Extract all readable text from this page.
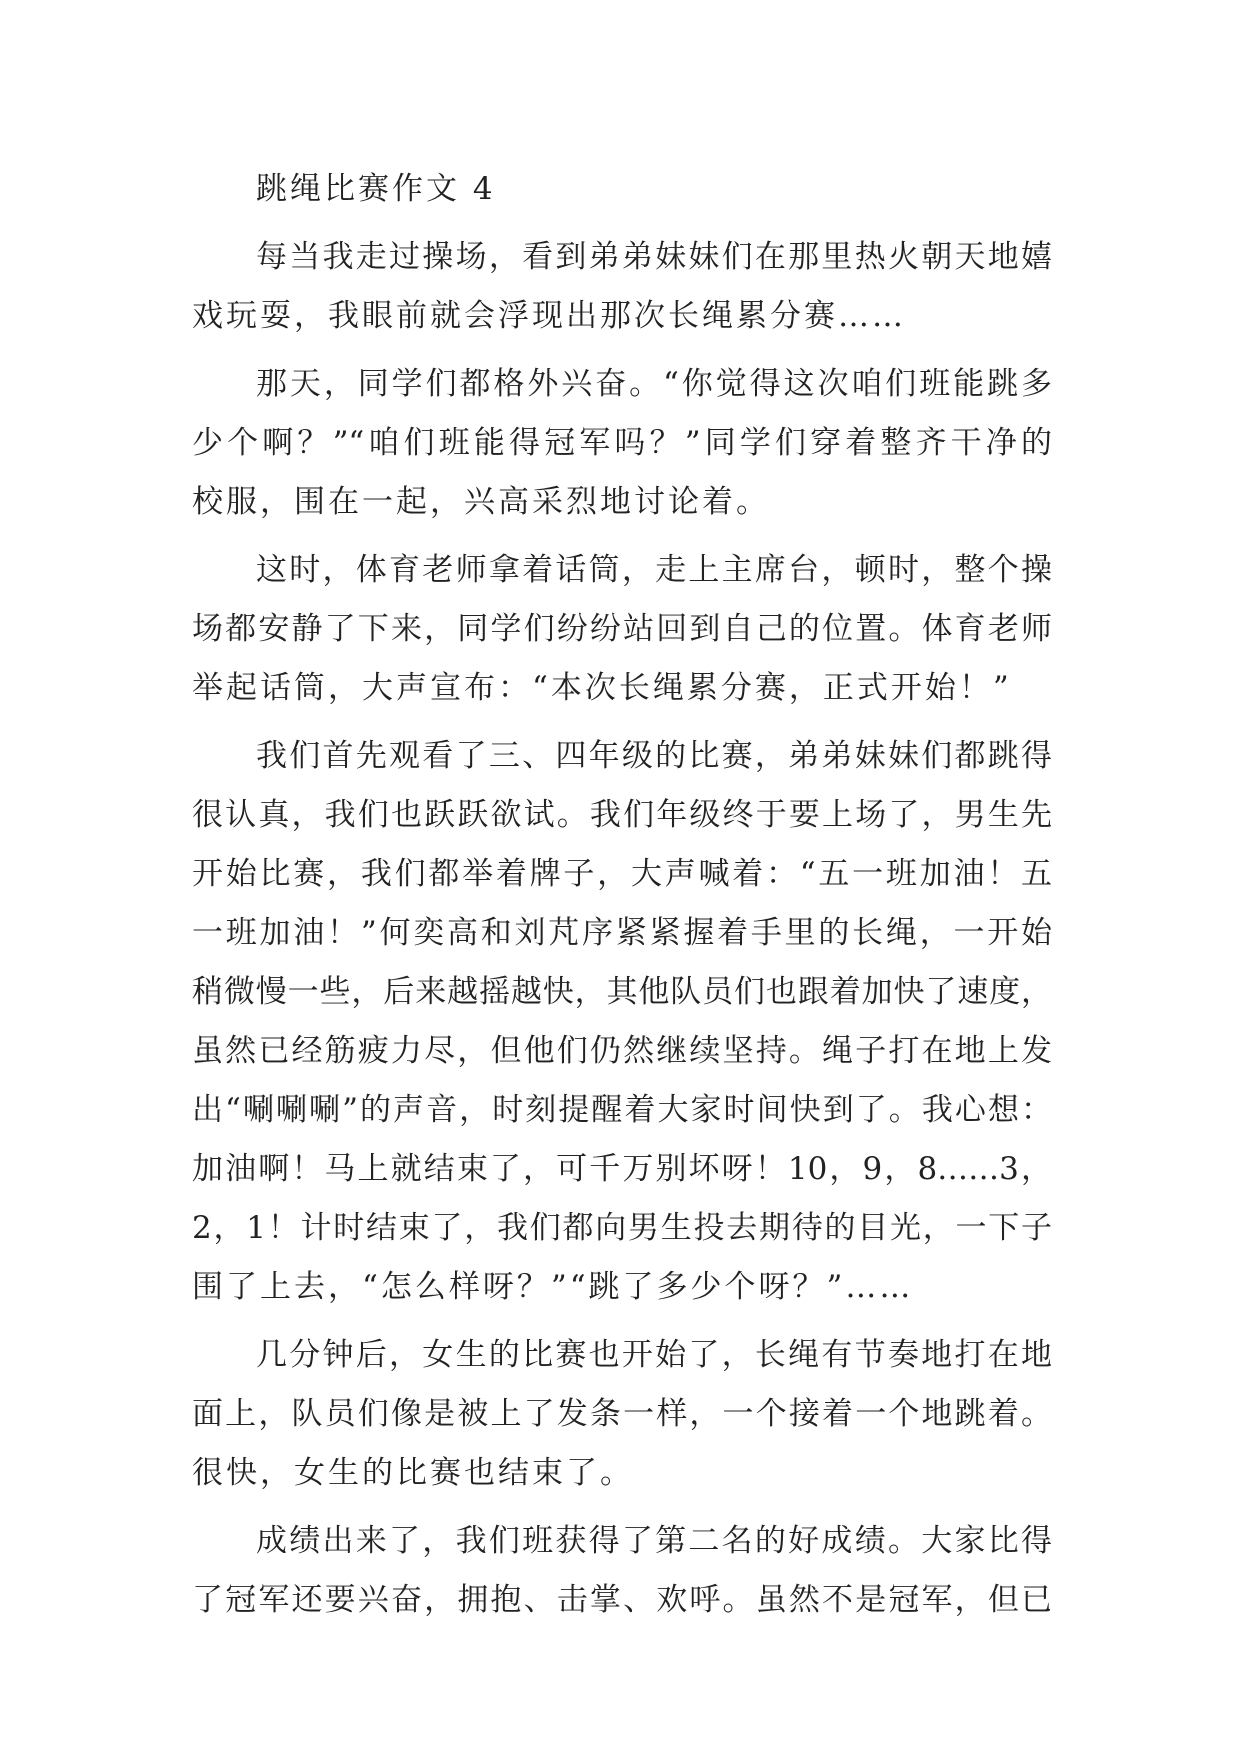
跳绳比赛作文 4
每当我走过操场，看到弟弟妹妹们在那里热火朝天地嬉
戏玩耍，我眼前就会浮现出那次长绳累分赛……
那天，同学们都格外兴奋。“你觉得这次咱们班能跳多
少个啊？”“咱们班能得冠军吗？”同学们穿着整齐干净的
校服，围在一起，兴高采烈地讨论着。
这时，体育老师拿着话筒，走上主席台，顿时，整个操
场都安静了下来，同学们纷纷站回到自己的位置。体育老师
举起话筒，大声宣布：“本次长绳累分赛，正式开始！”
我们首先观看了三、四年级的比赛，弟弟妹妹们都跳得
很认真，我们也跃跃欲试。我们年级终于要上场了，男生先
开始比赛，我们都举着牌子，大声喊着：“五一班加油！五
一班加油！”何奕高和刘芃序紧紧握着手里的长绳，一开始
稍微慢一些，后来越摇越快，其他队员们也跟着加快了速度，
虽然已经筋疲力尽，但他们仍然继续坚持。绳子打在地上发
出“唰唰唰”的声音，时刻提醒着大家时间快到了。我心想：
加油啊！马上就结束了，可千万别坏呀！10，9，8……3，
2，1！计时结束了，我们都向男生投去期待的目光，一下子
围了上去，“怎么样呀？”“跳了多少个呀？”……
几分钟后，女生的比赛也开始了，长绳有节奏地打在地
面上，队员们像是被上了发条一样，一个接着一个地跳着。
很快，女生的比赛也结束了。
成绩出来了，我们班获得了第二名的好成绩。大家比得
了冠军还要兴奋，拥抱、击掌、欢呼。虽然不是冠军，但已
